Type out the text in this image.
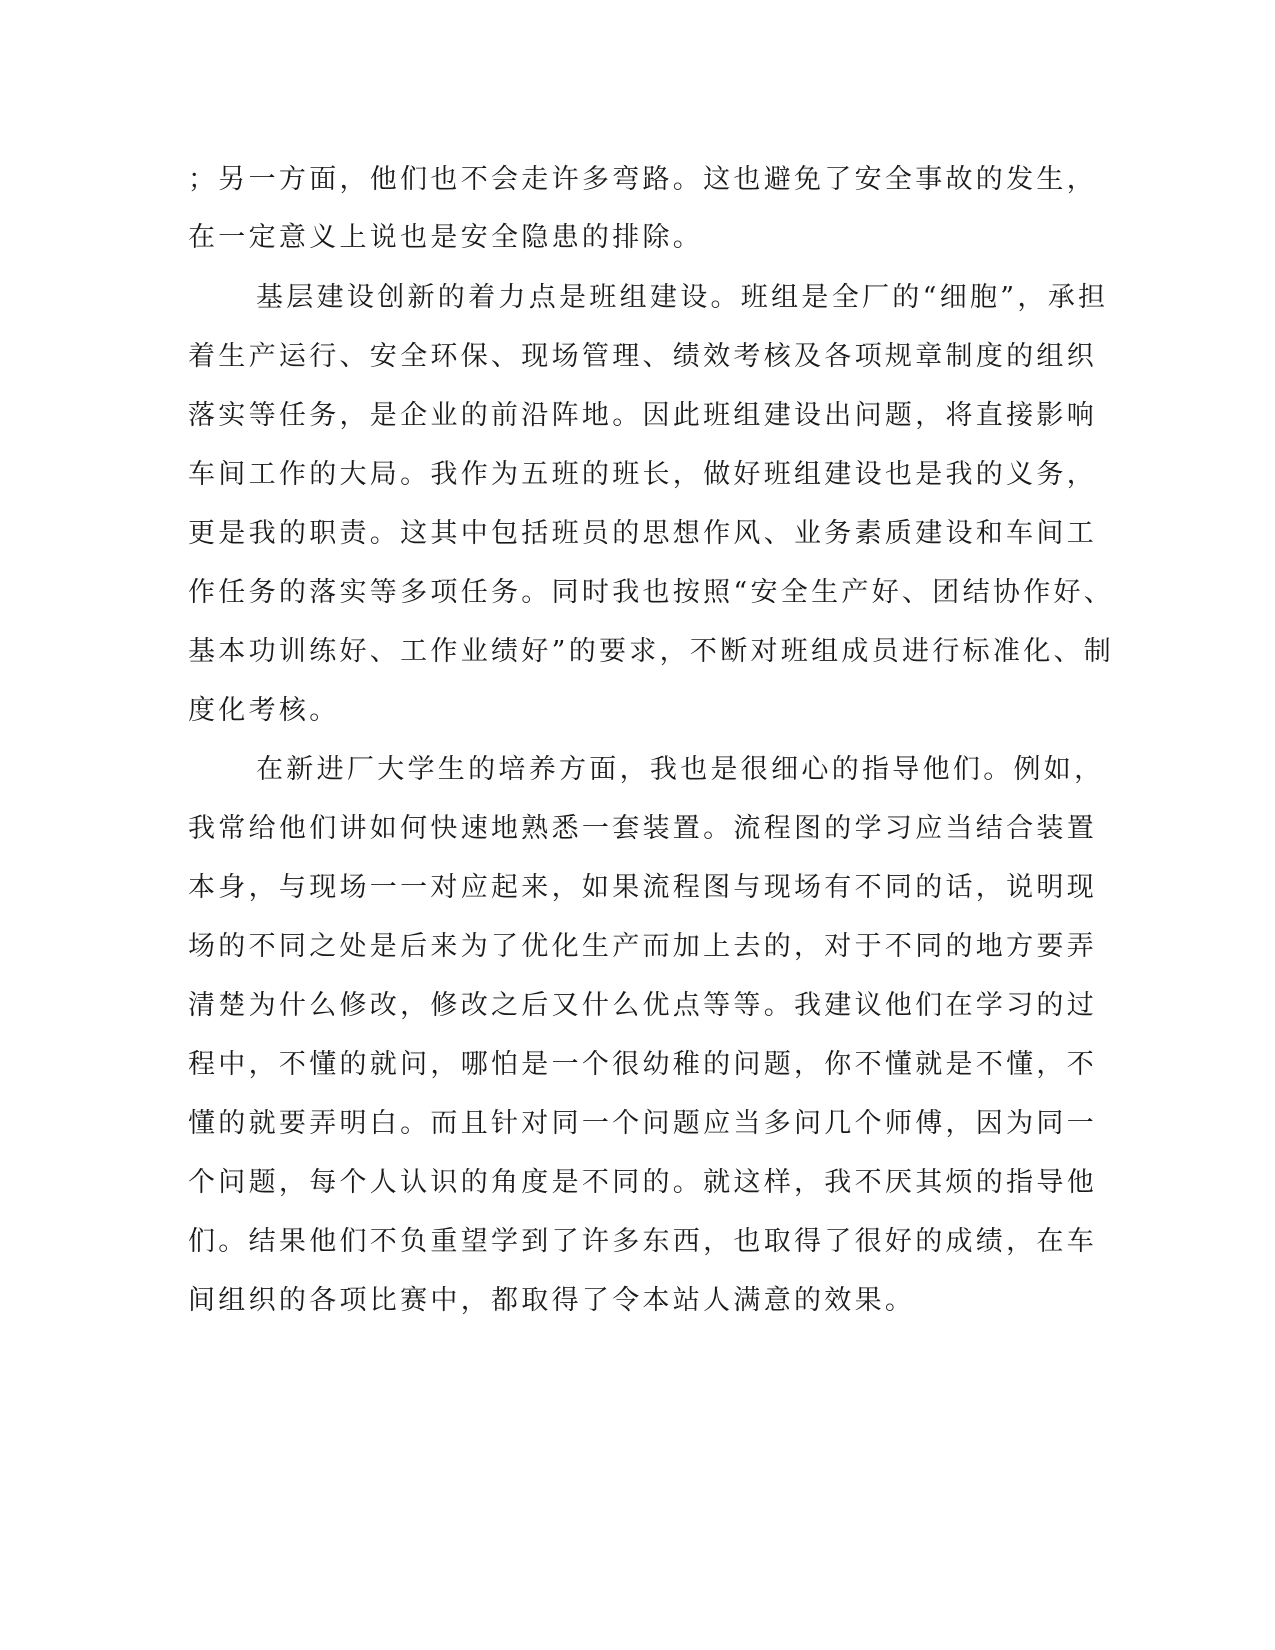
；另一方面，他们也不会走许多弯路。这也避免了安全事故的发生，
在一定意义上说也是安全隐患的排除。
基层建设创新的着力点是班组建设。班组是全厂的“细胞”，承担
着生产运行、安全环保、现场管理、绩效考核及各项规章制度的组织
落实等任务，是企业的前沿阵地。因此班组建设出问题，将直接影响
车间工作的大局。我作为五班的班长，做好班组建设也是我的义务，
更是我的职责。这其中包括班员的思想作风、业务素质建设和车间工
作任务的落实等多项任务。同时我也按照“安全生产好、团结协作好、
基本功训练好、工作业绩好”的要求，不断对班组成员进行标准化、制
度化考核。
在新进厂大学生的培养方面，我也是很细心的指导他们。例如，
我常给他们讲如何快速地熟悉一套装置。流程图的学习应当结合装置
本身，与现场一一对应起来，如果流程图与现场有不同的话，说明现
场的不同之处是后来为了优化生产而加上去的，对于不同的地方要弄
清楚为什么修改，修改之后又什么优点等等。我建议他们在学习的过
程中，不懂的就问，哪怕是一个很幼稚的问题，你不懂就是不懂，不
懂的就要弄明白。而且针对同一个问题应当多问几个师傅，因为同一
个问题，每个人认识的角度是不同的。就这样，我不厌其烦的指导他
们。结果他们不负重望学到了许多东西，也取得了很好的成绩，在车
间组织的各项比赛中，都取得了令本站人满意的效果。
